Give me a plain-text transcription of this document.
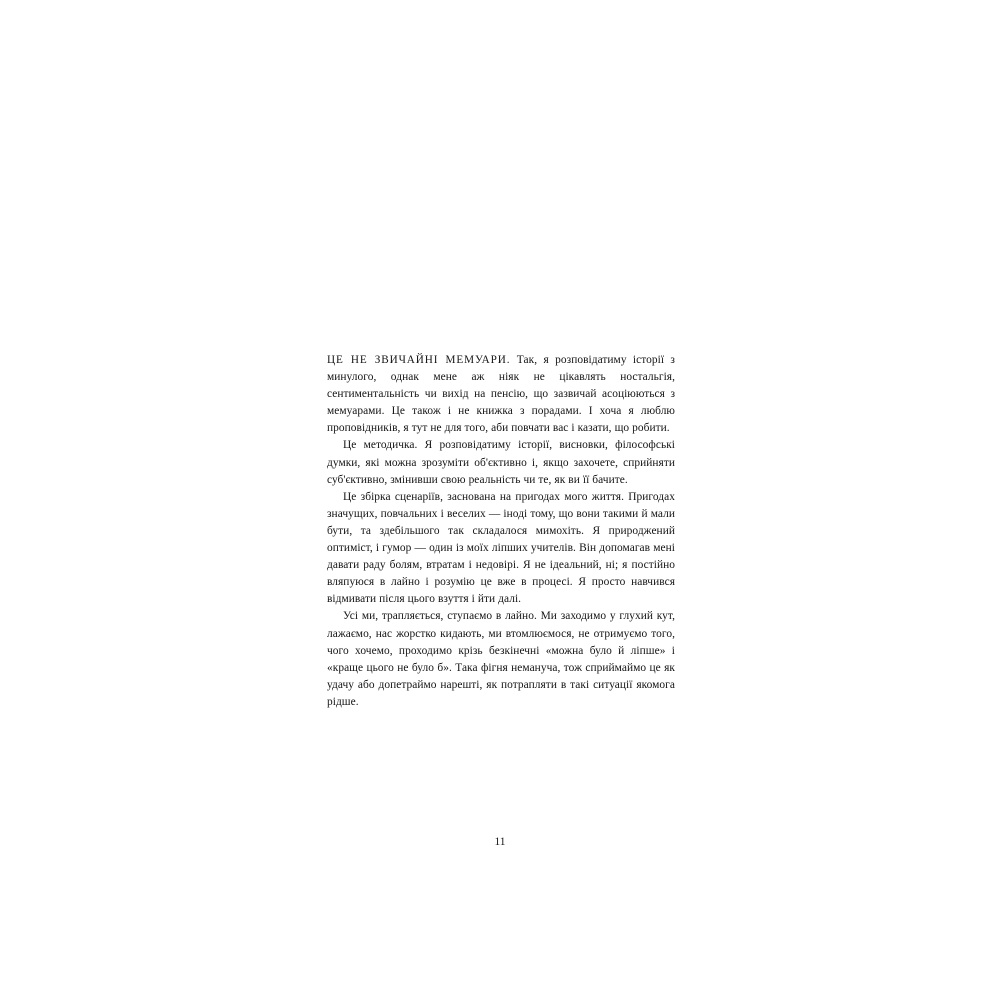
ЦЕ НЕ ЗВИЧАЙНІ МЕМУАРИ. Так, я розповідатиму історії з минулого, однак мене аж ніяк не цікавлять ностальгія, сентиментальність чи вихід на пенсію, що зазвичай асоціюються з мемуарами. Це також і не книжка з порадами. І хоча я люблю проповідників, я тут не для того, аби повчати вас і казати, що робити.

Це методичка. Я розповідатиму історії, висновки, філософські думки, які можна зрозуміти об'єктивно і, якщо захочете, сприйняти суб'єктивно, змінивши свою реальність чи те, як ви її бачите.

Це збірка сценаріїв, заснована на пригодах мого життя. Пригодах значущих, повчальних і веселих — іноді тому, що вони такими й мали бути, та здебільшого так складалося мимохіть. Я природжений оптиміст, і гумор — один із моїх ліпших учителів. Він допомагав мені давати раду болям, втратам і недовірі. Я не ідеальний, ні; я постійно вляпуюся в лайно і розумію це вже в процесі. Я просто навчився відмивати після цього взуття і йти далі.

Усі ми, трапляється, ступаємо в лайно. Ми заходимо у глухий кут, лажаємо, нас жорстко кидають, ми втомлюємося, не отримуємо того, чого хочемо, проходимо крізь безкінечні «можна було й ліпше» і «краще цього не було б». Така фігня немануча, тож сприймаймо це як удачу або допетраймо нарешті, як потрапляти в такі ситуації якомога рідше.

11
